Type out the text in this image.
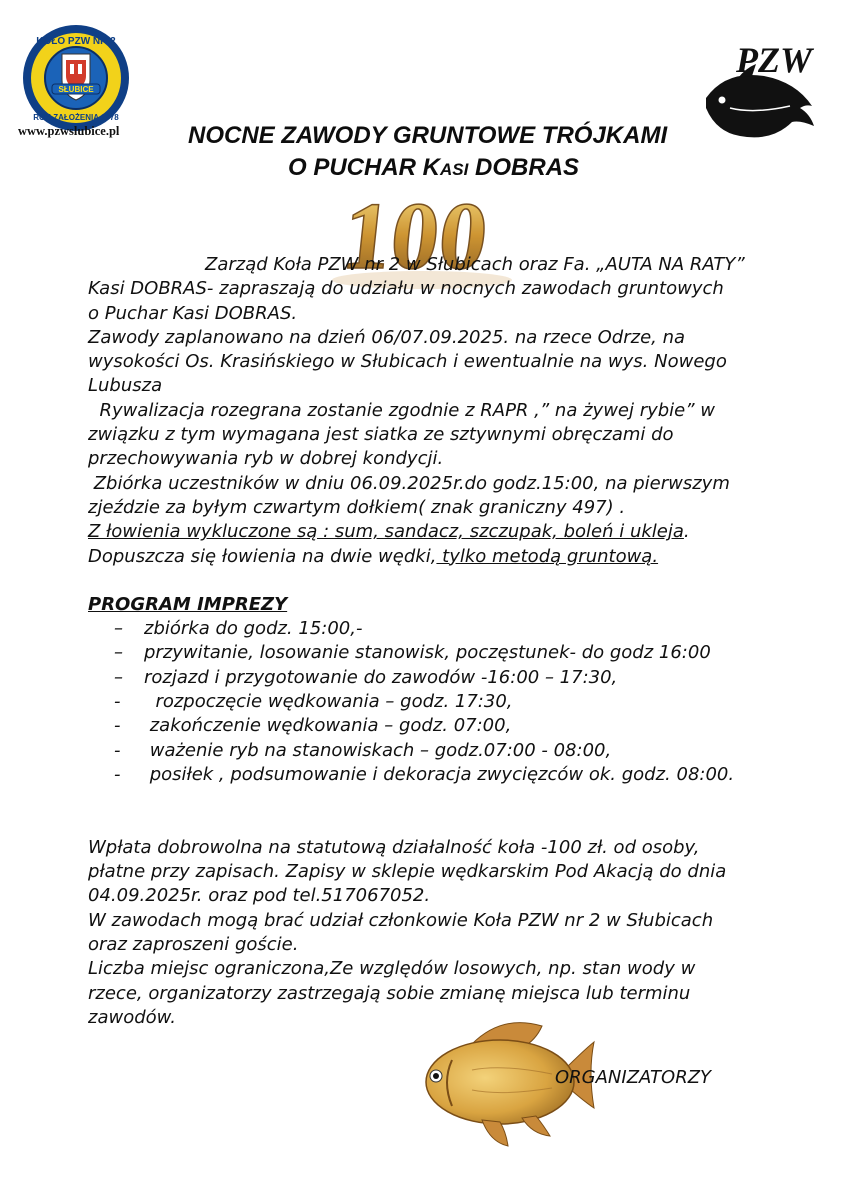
SŁUBICE
KOŁO PZW NR 2
ROK ZAŁOŻENIA 1978
www.pzwslubice.pl
PZW
NOCNE ZAWODY GRUNTOWE TRÓJKAMI
O PUCHAR KASI DOBRAS
100

Zarząd Koła PZW nr 2 w Słubicach oraz Fa. „AUTA NA RATY”

Kasi DOBRAS- zapraszają do udziału w nocnych zawodach gruntowych

o Puchar Kasi DOBRAS.

Zawody zaplanowano na dzień 06/07.09.2025. na rzece Odrze, na

wysokości Os. Krasińskiego w Słubicach i ewentualnie na wys. Nowego

Lubusza

Rywalizacja rozegrana zostanie zgodnie z RAPR ,” na żywej rybie” w

związku z tym wymagana jest siatka ze sztywnymi obręczami do

przechowywania ryb w dobrej kondycji.

Zbiórka uczestników w dniu 06.09.2025r.do godz.15:00, na pierwszym

zjeździe za byłym czwartym dołkiem( znak graniczny 497) .

Z łowienia wykluczone są : sum, sandacz, szczupak, boleń i ukleja.

Dopuszcza się łowienia na dwie wędki, tylko metodą gruntową.

PROGRAM IMPREZY

– zbiórka do godz. 15:00,-
– przywitanie, losowanie stanowisk, poczęstunek- do godz 16:00
– rozjazd i przygotowanie do zawodów -16:00 – 17:30,
- rozpoczęcie wędkowania – godz. 17:30,
- zakończenie wędkowania – godz. 07:00,
- ważenie ryb na stanowiskach – godz.07:00 - 08:00,
- posiłek , podsumowanie i dekoracja zwycięzców ok. godz. 08:00.

Wpłata dobrowolna na statutową działalność koła -100 zł. od osoby,

płatne przy zapisach. Zapisy w sklepie wędkarskim Pod Akacją do dnia

04.09.2025r. oraz pod tel.517067052.

W zawodach mogą brać udział członkowie Koła PZW nr 2 w Słubicach

oraz zaproszeni goście.

Liczba miejsc ograniczona,Ze względów losowych, np. stan wody w

rzece, organizatorzy zastrzegają sobie zmianę miejsca lub terminu

zawodów.

ORGANIZATORZY
